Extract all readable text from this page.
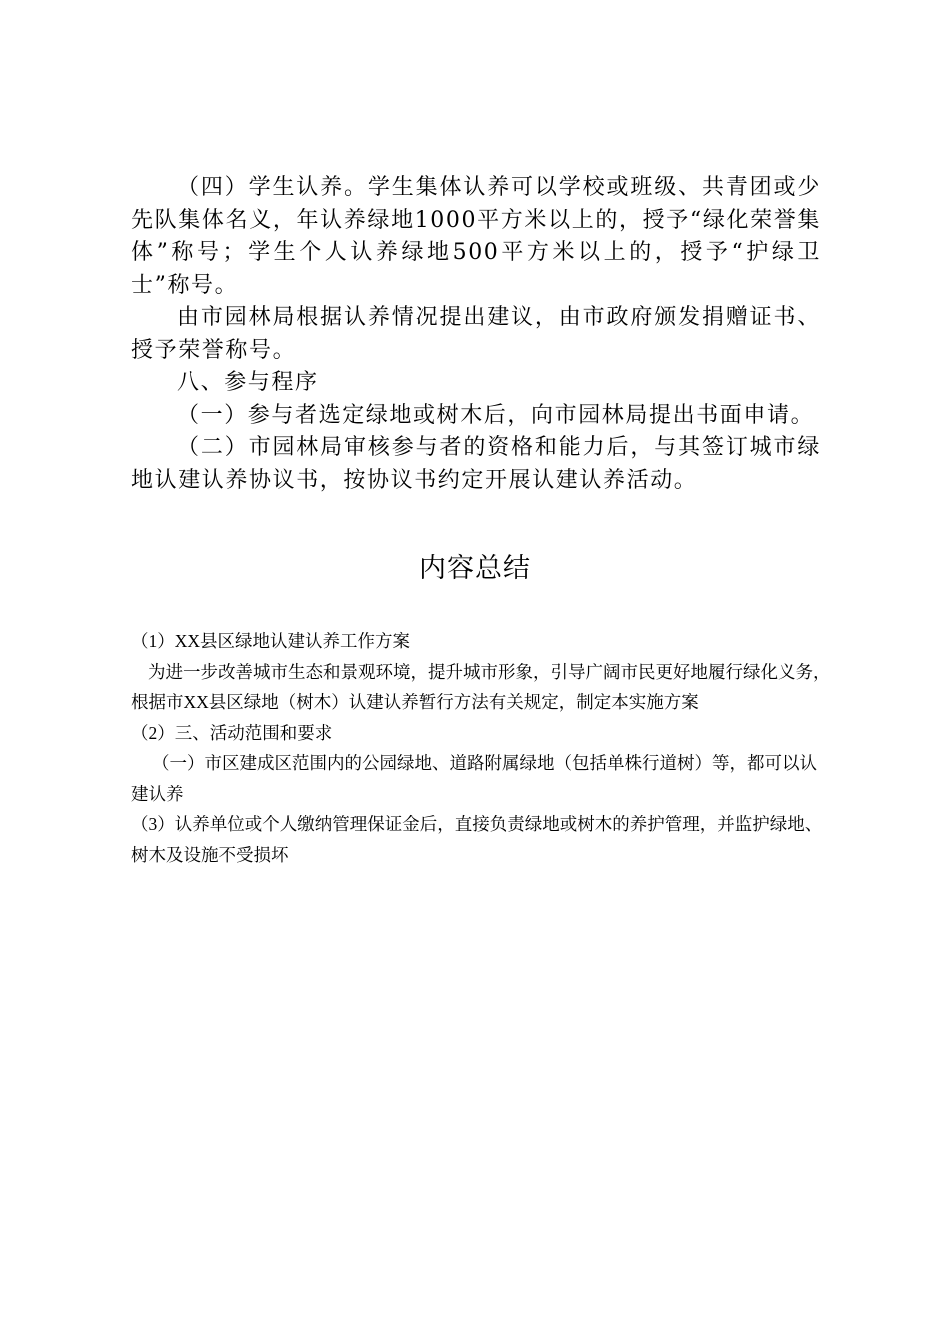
（四）学生认养。学生集体认养可以学校或班级、共青团或少先队集体名义，年认养绿地1000平方米以上的，授予“绿化荣誉集体”称号；学生个人认养绿地500平方米以上的，授予“护绿卫士”称号。

由市园林局根据认养情况提出建议，由市政府颁发捐赠证书、授予荣誉称号。

八、参与程序

（一）参与者选定绿地或树木后，向市园林局提出书面申请。

（二）市园林局审核参与者的资格和能力后，与其签订城市绿地认建认养协议书，按协议书约定开展认建认养活动。

内容总结

（1）XX县区绿地认建认养工作方案

为进一步改善城市生态和景观环境，提升城市形象，引导广阔市民更好地履行绿化义务，根据市XX县区绿地（树木）认建认养暂行方法有关规定，制定本实施方案

（2）三、活动范围和要求

（一）市区建成区范围内的公园绿地、道路附属绿地（包括单株行道树）等，都可以认建认养

（3）认养单位或个人缴纳管理保证金后，直接负责绿地或树木的养护管理，并监护绿地、树木及设施不受损坏
